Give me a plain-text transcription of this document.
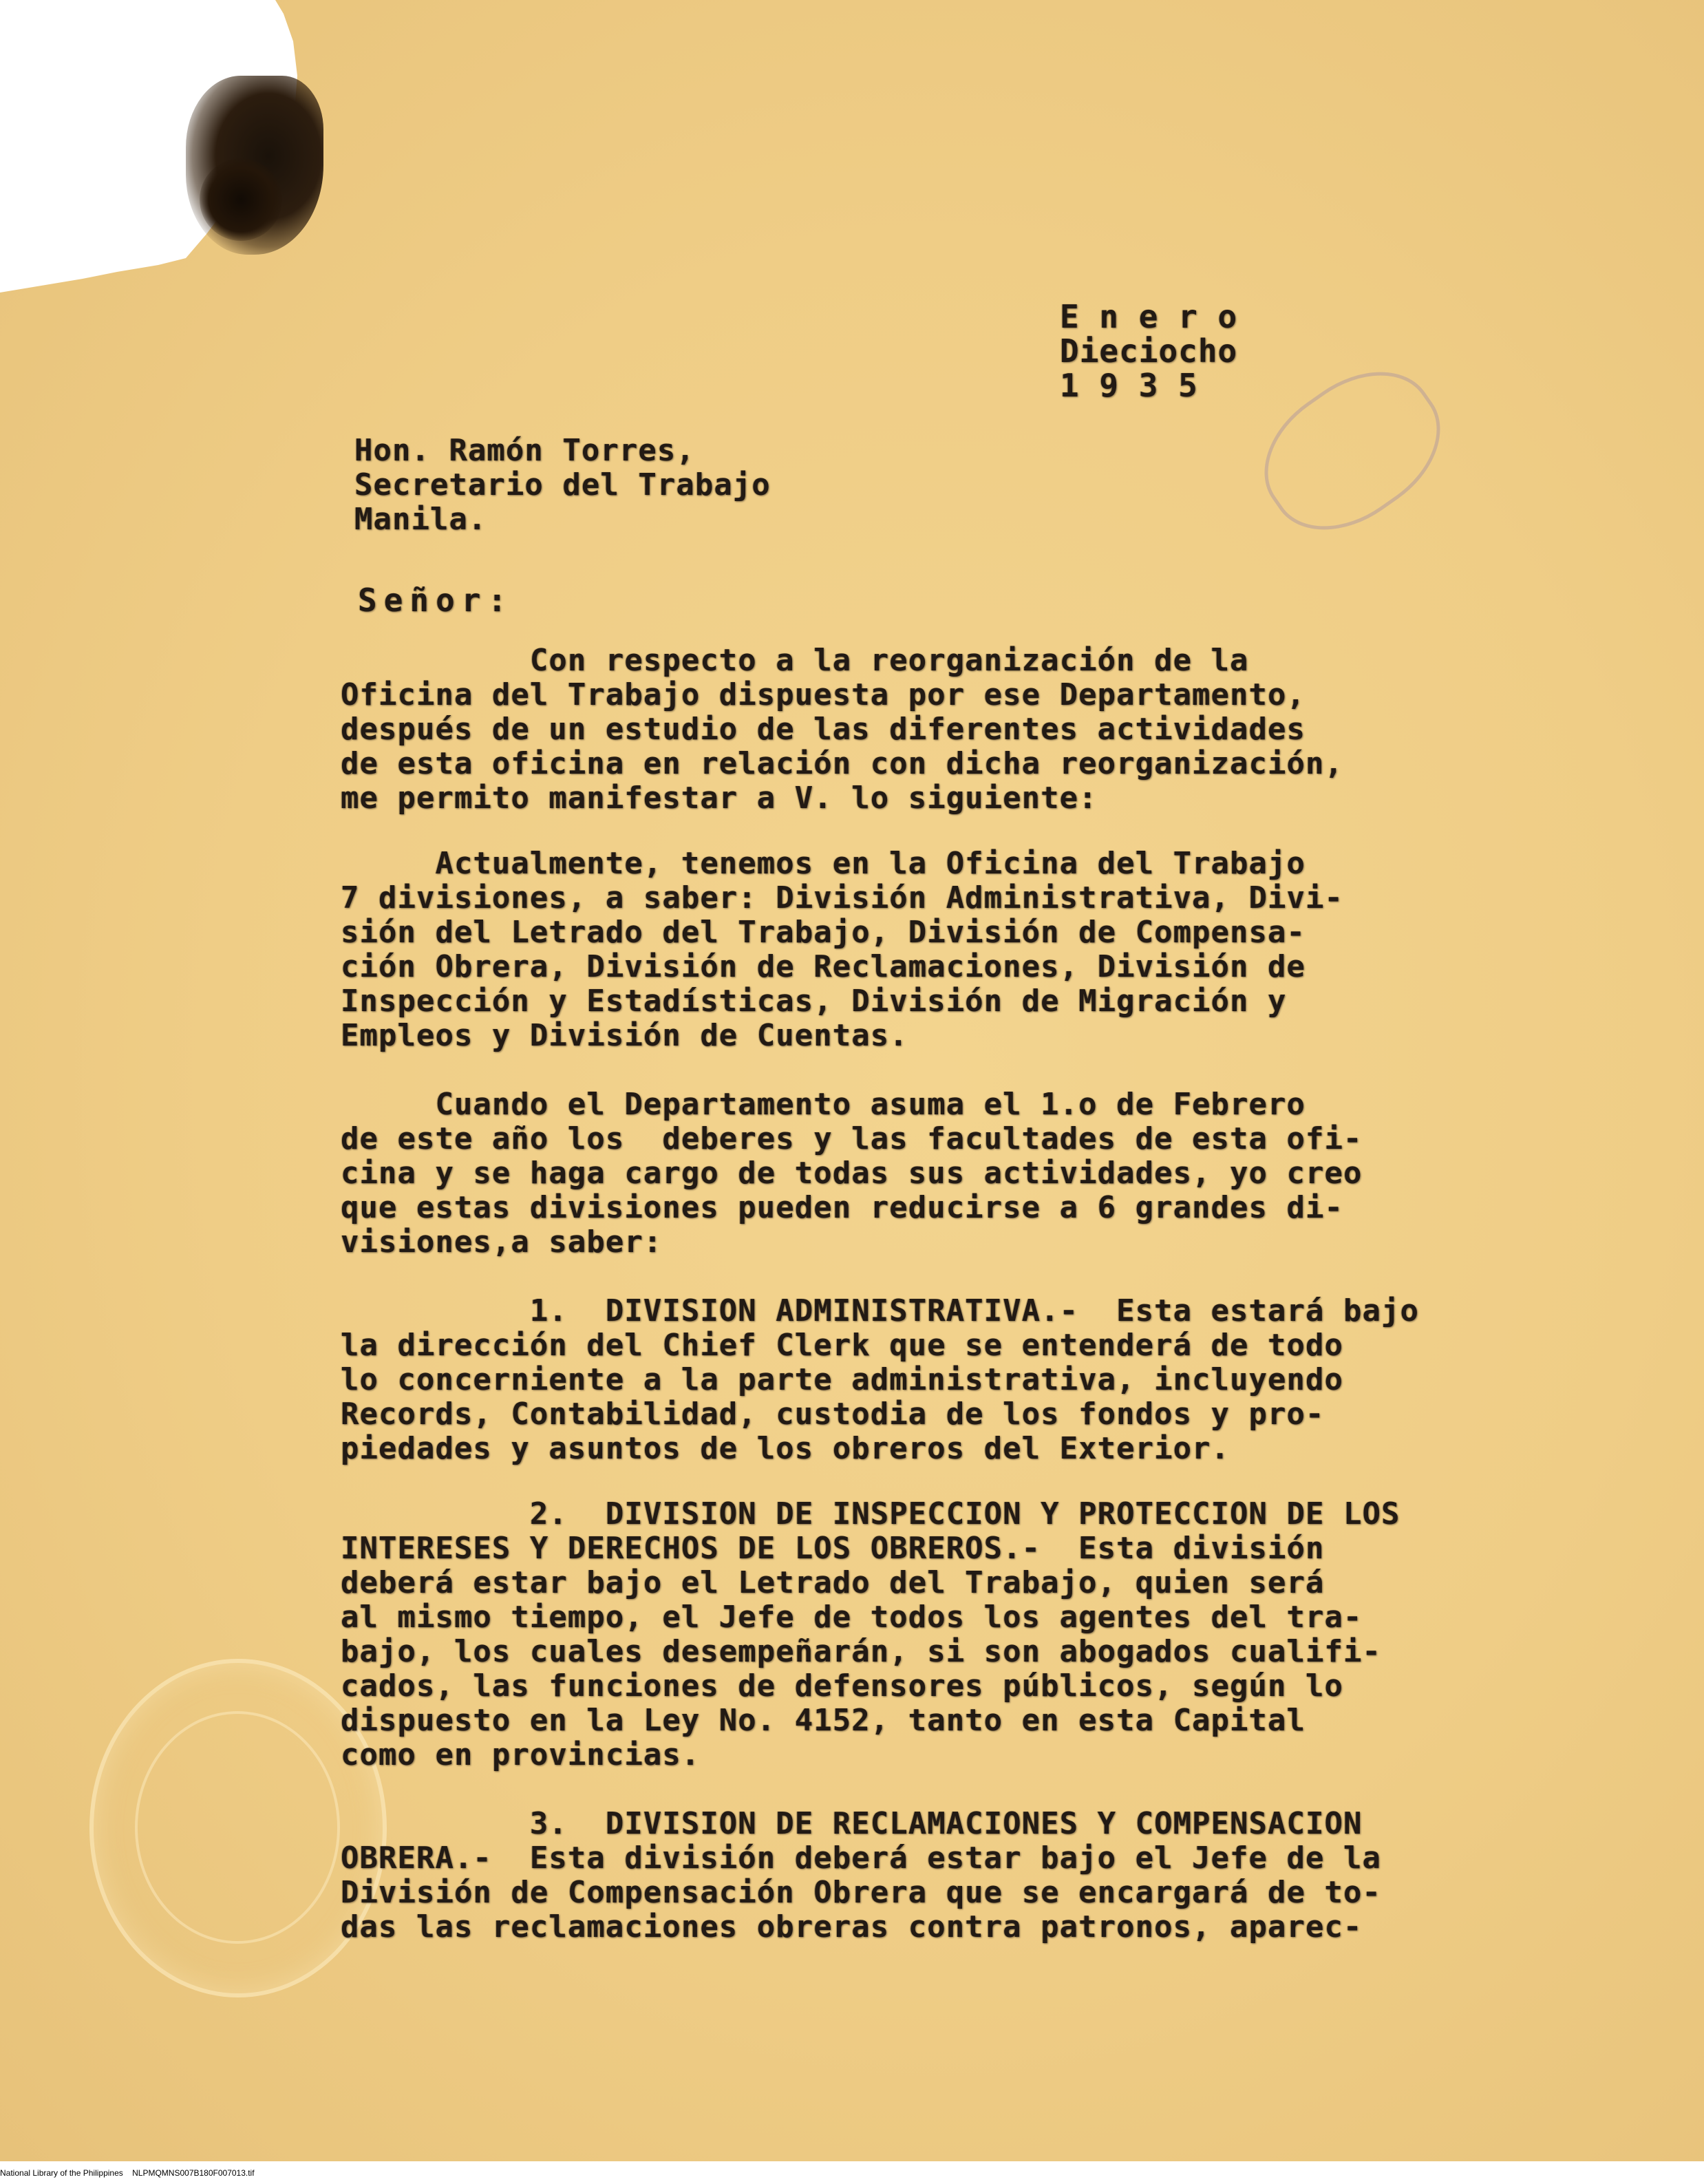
E n e r o
Dieciocho
1 9 3 5
Hon. Ramón Torres,
Secretario del Trabajo
Manila.
Señor:
Con respecto a la reorganización de la
Oficina del Trabajo dispuesta por ese Departamento,
después de un estudio de las diferentes actividades
de esta oficina en relación con dicha reorganización,
me permito manifestar a V. lo siguiente:
Actualmente, tenemos en la Oficina del Trabajo
7 divisiones, a saber: División Administrativa, Divi-
sión del Letrado del Trabajo, División de Compensa-
ción Obrera, División de Reclamaciones, División de
Inspección y Estadísticas, División de Migración y
Empleos y División de Cuentas.
Cuando el Departamento asuma el 1.o de Febrero
de este año los  deberes y las facultades de esta ofi-
cina y se haga cargo de todas sus actividades, yo creo
que estas divisiones pueden reducirse a 6 grandes di-
visiones,a saber:
1.  DIVISION ADMINISTRATIVA.-  Esta estará bajo
la dirección del Chief Clerk que se entenderá de todo
lo concerniente a la parte administrativa, incluyendo
Records, Contabilidad, custodia de los fondos y pro-
piedades y asuntos de los obreros del Exterior.
2.  DIVISION DE INSPECCION Y PROTECCION DE LOS
INTERESES Y DERECHOS DE LOS OBREROS.-  Esta división
deberá estar bajo el Letrado del Trabajo, quien será
al mismo tiempo, el Jefe de todos los agentes del tra-
bajo, los cuales desempeñarán, si son abogados cualifi-
cados, las funciones de defensores públicos, según lo
dispuesto en la Ley No. 4152, tanto en esta Capital
como en provincias.
3.  DIVISION DE RECLAMACIONES Y COMPENSACION
OBRERA.-  Esta división deberá estar bajo el Jefe de la
División de Compensación Obrera que se encargará de to-
das las reclamaciones obreras contra patronos, aparec-
National Library of the Philippines NLPMQMNS007B180F007013.tif
